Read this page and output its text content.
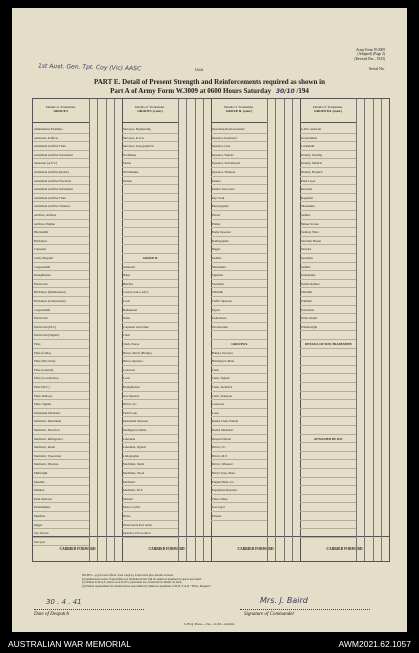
1st Aust. Gen. Tpt. Coy (Vic) AASC	Unit
Army Form W.3009
(Adapted) (Page 2)
(Revised Dec., 1943)
Serial No.
PART E. Detail of Present Strength and Reinforcements required as shown in
Part A of Army Form W.3009 at 0600 Hours Saturday 30/10 /194
Details of Tradesmen.
GROUP I.
Ammunition Examiner
Armourer, Artificer
Armament Artificer Fitter
Armament Artificer Instrument
Armourer (A.F.V.)
Armament Artificer (Radar)
Armament Artificer Electrical
Armament Artificer Instrument
Armament Artificer Fitter
Armament Artificer Wireless
Artificer, Artificer
Artificer, Engine
Blacksmith
Bricklayer
Carpenter
Clerk, Hospital
Coppersmith
Draughtsman
Electrician
Bricklayer (Maintenance)
Bricklayer (Construction)
Coppersmith
Electrician
Electrician (M.T.)
Electrician (Signals)
Fitter
Fitter (Cable)
Fitter (Electrical)
Fitter (General)
Fitter (Locomotive)
Fitter (M.T.)
Fitter, Railway
Fitter, Signals
Instrument Mechanic
Mechanic, Instrument
Mechanic, Electrical
Mechanic, Refrigerator
Mechanic, Radio
Mechanic, Typewriter
Mechanic, Wireless
Millwright
Moulder
Plumber
Plant Operator
Patternmaker
Pipefitter
Rigger
Saw Doctor
Surveyor
CARRIED FORWARD
Details of Tradesmen.
GROUP I. (cont.)
Surveyor, Engineering
Surveyor, R.A.A.
Surveyor, Topographical
Toolmaker
Turner
Watchmaker
Welder
GROUP II.
Armourer
Baker
Butcher
Cook (Cook's, Adv.)
Cook
Bulkmaster
Tailor
Carpenter and Joiner
Clerk
Clerk, Stores
Driver, Mech. (Bridge)
Driver Operator
Concreter
Cook
Draughtsman
Gas Operator
Driver, I.C.
Field Cook
Instrument Operator
Intelligence Duties
Linesman
Linesman, Signals
Lithographer
Machinist, Metal
Machinist, Wood
Mechanic
Mechanic, M.T.
Monitor
Motor Cyclist
Nurse
Observation Post Artist
Operator, Fire Control
CARRIED FORWARD
Details of Tradesmen.
GROUP II. (cont.)
Operating Room Assistant
Operator, Keyboard
Operator, Line
Operator, Signals
Operator, Switchboard
Operator, Wireless
Painter
Painter, Decorator
Pay Clerk
Photographer
Plotter
Printer
Radar Operator
Radiographer
Rigger
Saddler
Shoemaker
Signaller
Storeman
Tinsmith
Traffic Operator
Typist
Upholsterer
Woodworker
GROUP III.
Battery Surveyor
Bricklayer's Mate
Clerk
Clerk, Signals
Clerk, Technical
Clerk, Transport
Concretor
Cook
Dental Clerk Orderly
Dental Mechanic
Despatch Rider
Driver, I.C.
Driver, M.T.
Driver, Wheeled
Driver Type, Plant
Engine Hand, I.C.
Equipment Repairer
Fitter's Mate
Gas Layer
Pioneer
CARRIED FORWARD
Details of Tradesmen.
GROUP III. (cont.)
G.P.O. Assistant
Groundsman
Locksmith
Orderly, Nursing
Orderly, Medical
Orderly, Hospital
Plant Layer
Recorder
Ropeman
Shoemaker
Saddler
Smoke Screen
Sanitary Fitter
Stretcher Bearer
Steward
Storeman
Saddler
Telephonist
Textile Refitter
Tinsmith
Trimmer
Vulcaniser
Water Duties
Wheelwright
DETAILS OF NON-TRADESMEN
ATTACHED BY W.E.
CARRIED FORWARD
NOTES.—(a) If each officer class category is involved give details on back.
(b) Authorised scales of specialists not included in list will be added as required in spaces provided.
(c) Where A.W.A.S. and/or A.A.N.W.S. personnel are carried show details on back.
(d) Where replacement are desired show specialists by names in quantities of R.N. S.A.O. "Extra. Request".
30 . 4 . 41
Date of Despatch
Mrs. J. Baird
Signature of Commander
L.H.Q. Press—13a—11/43—4441m.
AUSTRALIAN WAR MEMORIAL	AWM2021.62.1057
